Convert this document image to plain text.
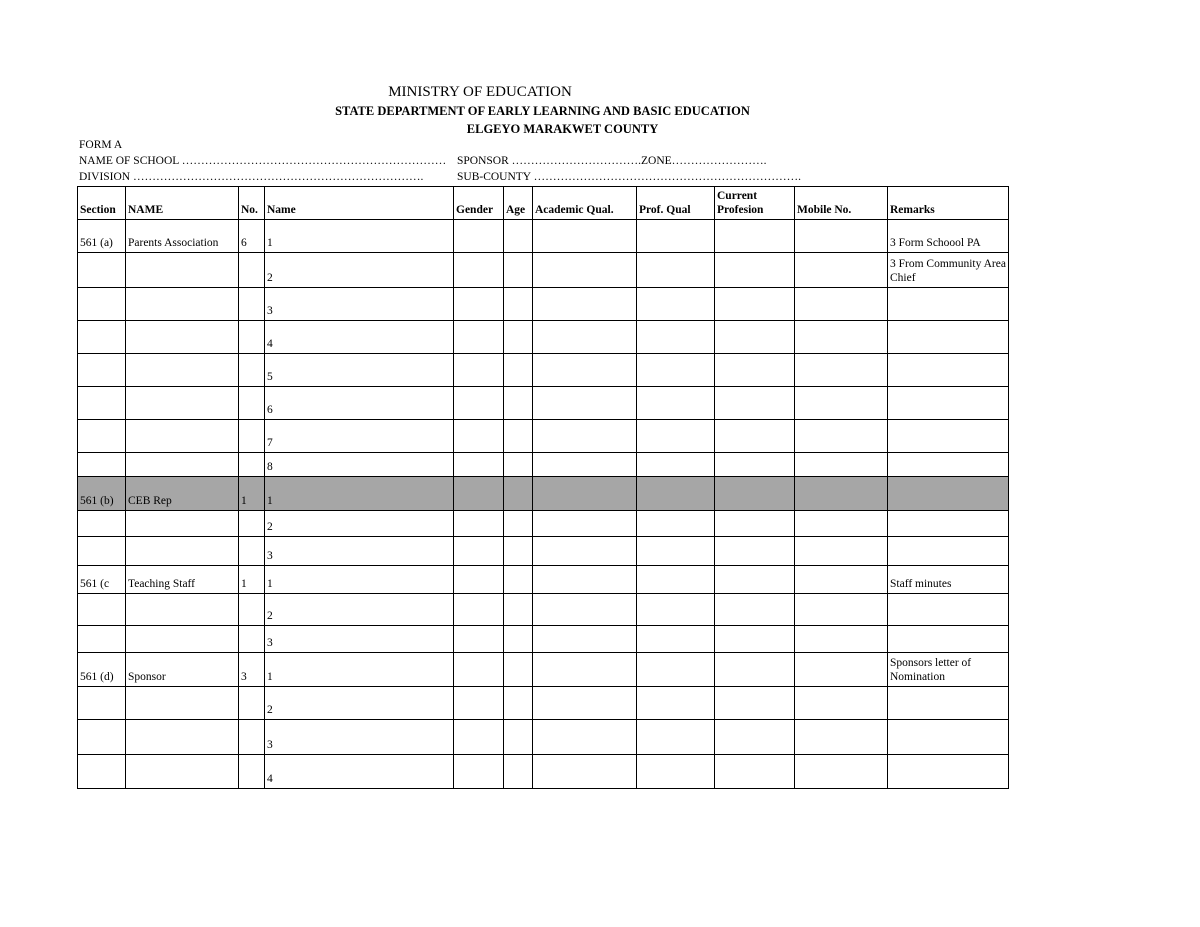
MINISTRY OF EDUCATION
STATE DEPARTMENT OF EARLY LEARNING AND BASIC EDUCATION
ELGEYO MARAKWET COUNTY
FORM A
NAME OF SCHOOL …………………………………………………………… SPONSOR …………………………….ZONE…………………….
DIVISION ………………………………………………………………….	SUB-COUNTY …………………………………………………………….
Section	NAME	No.	Name	Gender	Age	Academic Qual.	Prof. Qual	Current Profesion	Mobile No.	Remarks
561 (a)	Parents Association	6	1							3 Form Schoool PA
			2							3 From Community Area Chief
			3							
			4							
			5							
			6							
			7							
			8							
561 (b)	CEB Rep	1	1							
			2							
			3							
561 (c	Teaching Staff	1	1							Staff minutes
			2							
			3							
561 (d)	Sponsor	3	1							Sponsors letter of Nomination
			2							
			3							
			4							
